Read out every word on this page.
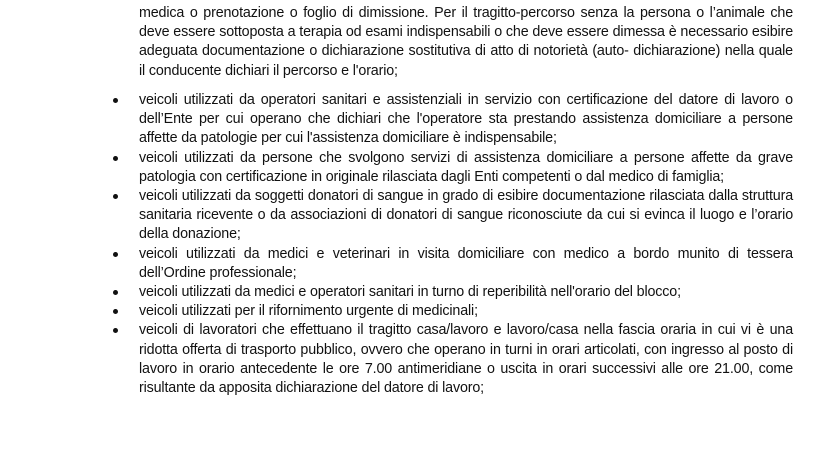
medica o prenotazione o foglio di dimissione. Per il tragitto-percorso senza la persona o l’animale che deve essere sottoposta a terapia od esami indispensabili o che deve essere dimessa è necessario esibire adeguata documentazione o dichiarazione sostitutiva di atto di notorietà (auto- dichiarazione) nella quale il conducente dichiari il percorso e l'orario;

veicoli utilizzati da operatori sanitari e assistenziali in servizio con certificazione del datore di lavoro o dell’Ente per cui operano che dichiari che l'operatore sta prestando assistenza domiciliare a persone affette da patologie per cui l'assistenza domiciliare è indispensabile;
veicoli utilizzati da persone che svolgono servizi di assistenza domiciliare a persone affette da grave patologia con certificazione in originale rilasciata dagli Enti competenti o dal medico di famiglia;
veicoli utilizzati da soggetti donatori di sangue in grado di esibire documentazione rilasciata dalla struttura sanitaria ricevente o da associazioni di donatori di sangue riconosciute da cui si evinca il luogo e l’orario della donazione;
veicoli utilizzati da medici e veterinari in visita domiciliare con medico a bordo munito di tessera dell’Ordine professionale;
veicoli utilizzati da medici e operatori sanitari in turno di reperibilità nell'orario del blocco;
veicoli utilizzati per il rifornimento urgente di medicinali;
veicoli di lavoratori che effettuano il tragitto casa/lavoro e lavoro/casa nella fascia oraria in cui vi è una ridotta offerta di trasporto pubblico, ovvero che operano in turni in orari articolati, con ingresso al posto di lavoro in orario antecedente le ore 7.00 antimeridiane o uscita in orari successivi alle ore 21.00, come risultante da apposita dichiarazione del datore di lavoro;
